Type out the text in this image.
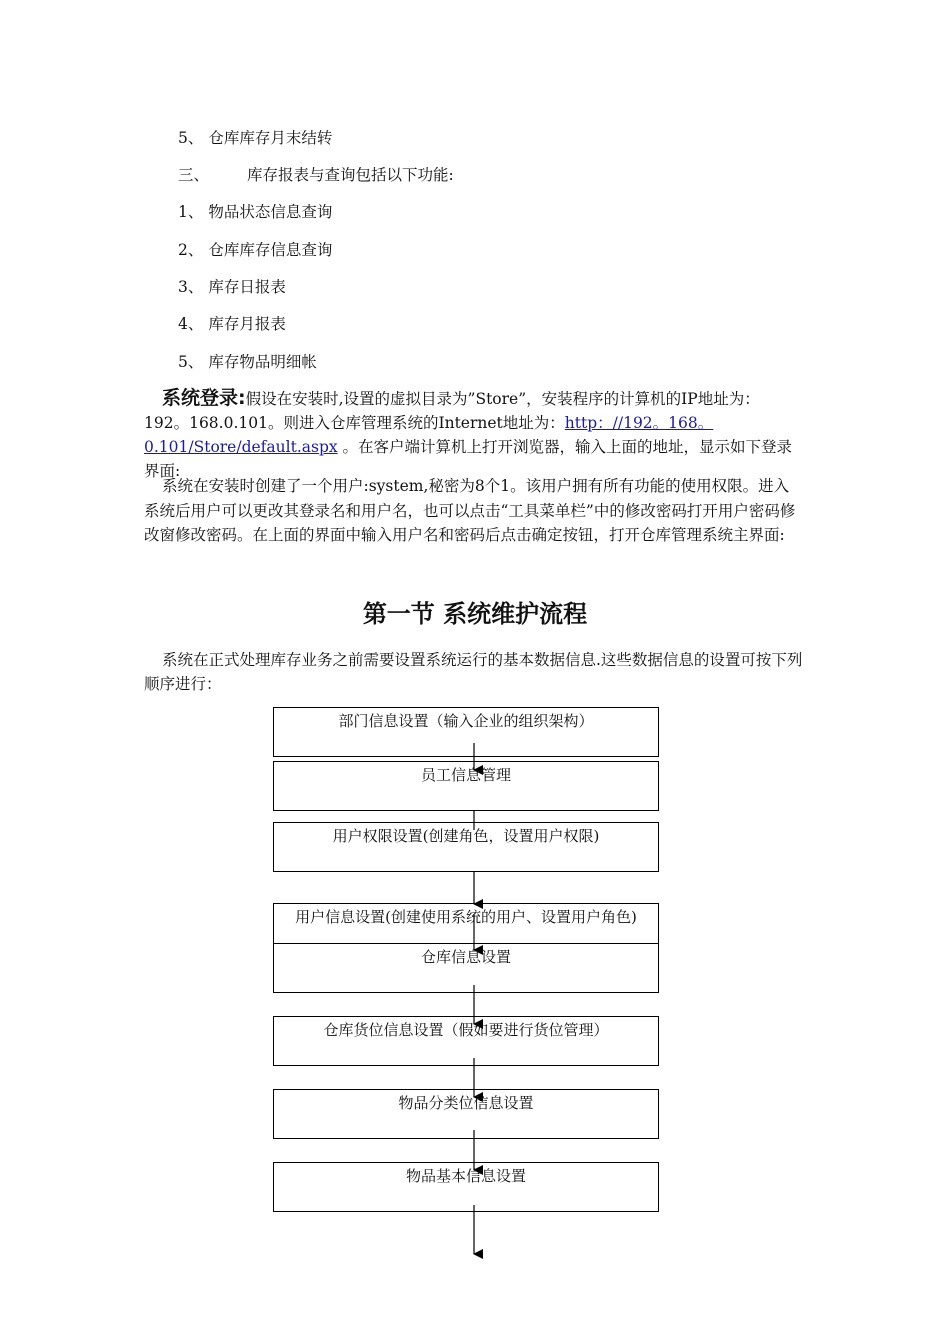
5、 仓库库存月末结转
三、 库存报表与查询包括以下功能:
1、 物品状态信息查询
2、 仓库库存信息查询
3、 库存日报表
4、 库存月报表
5、 库存物品明细帐
系统登录:假设在安装时,设置的虚拟目录为”Store”，安装程序的计算机的IP地址为：192。168.0.101。则进入仓库管理系统的Internet地址为：http：//192。168。0.101/Store/default.aspx 。在客户端计算机上打开浏览器，输入上面的地址，显示如下登录界面:
系统在安装时创建了一个用户:system,秘密为8个1。该用户拥有所有功能的使用权限。进入系统后用户可以更改其登录名和用户名，也可以点击“工具菜单栏”中的修改密码打开用户密码修改窗修改密码。在上面的界面中输入用户名和密码后点击确定按钮，打开仓库管理系统主界面:
第一节 系统维护流程
系统在正式处理库存业务之前需要设置系统运行的基本数据信息.这些数据信息的设置可按下列顺序进行：
部门信息设置（输入企业的组织架构）
员工信息管理
用户权限设置(创建角色，设置用户权限)
用户信息设置(创建使用系统的用户、设置用户角色)
仓库信息设置
仓库货位信息设置（假如要进行货位管理）
物品分类位信息设置
物品基本信息设置
